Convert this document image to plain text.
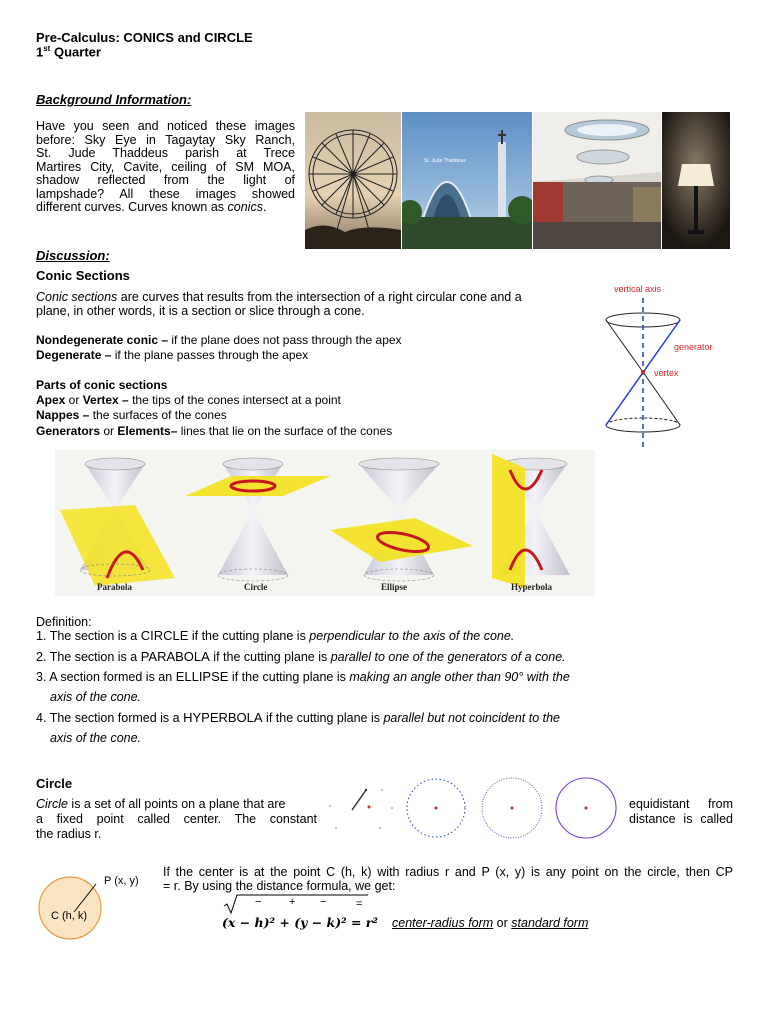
Pre-Calculus: CONICS and CIRCLE
1st Quarter
Background Information:
Have you seen and noticed these images
before: Sky Eye in Tagaytay Sky Ranch,
St. Jude Thaddeus parish at Trece
Martires City, Cavite, ceiling of SM MOA,
shadow reflected from the light of
lampshade? All these images showed
different curves. Curves known as conics.
St. Jude Thaddeus
Discussion:
Conic Sections
Conic sections are curves that results from the intersection of a right circular cone and a
plane, in other words, it is a section or slice through a cone.
Nondegenerate conic – if the plane does not pass through the apex
Degenerate – if the plane passes through the apex
Parts of conic sections
Apex or Vertex – the tips of the cones intersect at a point
Nappes – the surfaces of the cones
Generators or Elements– lines that lie on the surface of the cones
vertical axis
generator
vertex
Parabola	Circle	Ellipse	Hyperbola
Definition:
1. The section is a CIRCLE if the cutting plane is perpendicular to the axis of the cone.
2. The section is a PARABOLA if the cutting plane is parallel to one of the generators of a cone.
3. A section formed is an ELLIPSE if the cutting plane is making an angle other than 90° with the
axis of the cone.
4. The section formed is a HYPERBOLA if the cutting plane is parallel but not coincident to the
axis of the cone.
Circle
Circle is a set of all points on a plane that are
a fixed point called center. The constant
the radius r.
equidistant from
distance is called
P (x, y)
C (h, k)
If the center is at the point C (h, k) with radius r and P (x, y) is any point on the circle, then CP
= r. By using the distance formula, we get:
−	+ −	=
(𝒙 − 𝒉)² + (𝒚 − 𝒌)² = 𝒓² center-radius form or standard form
